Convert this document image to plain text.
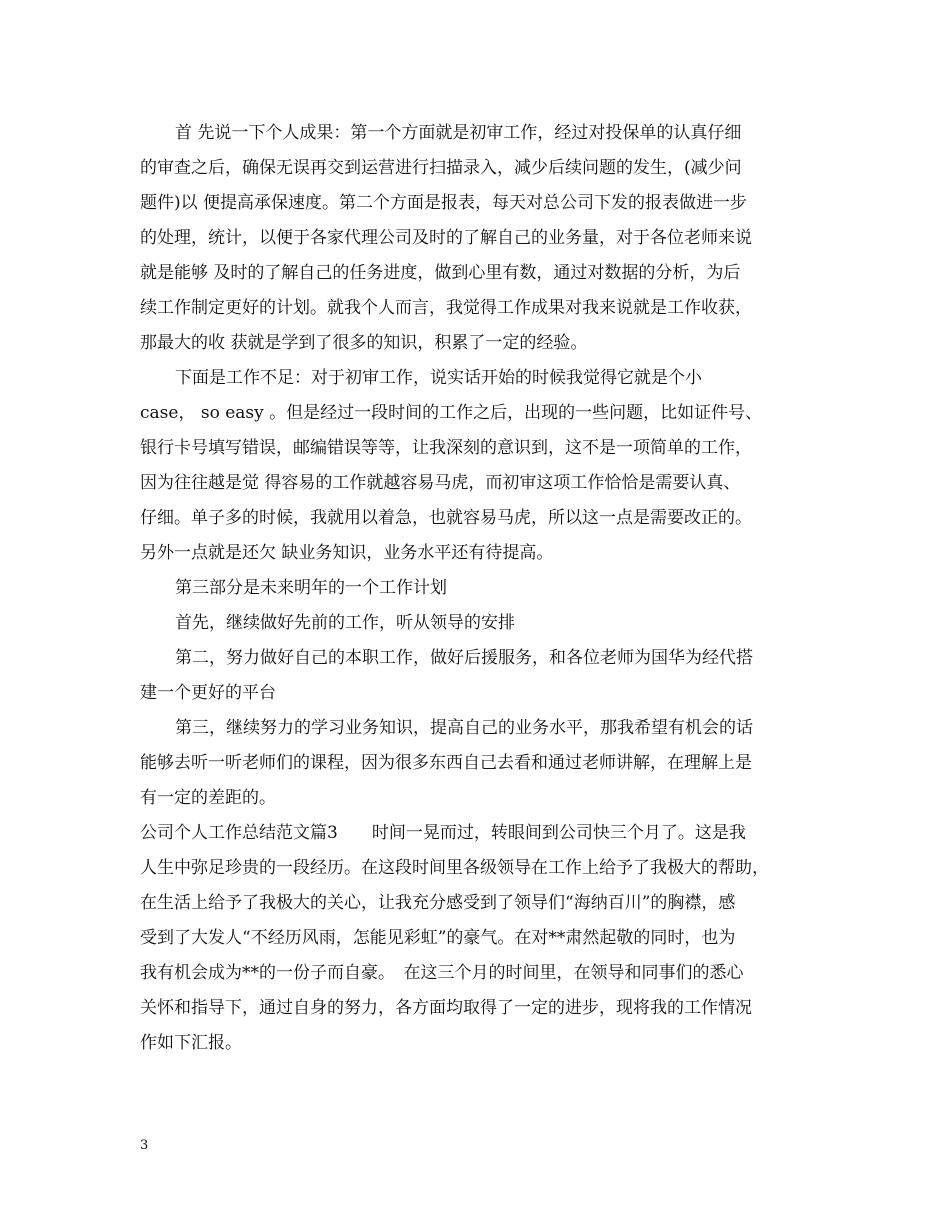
首 先说一下个人成果：第一个方面就是初审工作，经过对投保单的认真仔细
的审查之后，确保无误再交到运营进行扫描录入，减少后续问题的发生，(减少问
题件)以 便提高承保速度。第二个方面是报表，每天对总公司下发的报表做进一步
的处理，统计，以便于各家代理公司及时的了解自己的业务量，对于各位老师来说
就是能够 及时的了解自己的任务进度，做到心里有数，通过对数据的分析，为后
续工作制定更好的计划。就我个人而言，我觉得工作成果对我来说就是工作收获，
那最大的收 获就是学到了很多的知识，积累了一定的经验。
下面是工作不足：对于初审工作，说实话开始的时候我觉得它就是个小
case， so easy 。但是经过一段时间的工作之后，出现的一些问题，比如证件号、
银行卡号填写错误，邮编错误等等，让我深刻的意识到，这不是一项简单的工作，
因为往往越是觉 得容易的工作就越容易马虎，而初审这项工作恰恰是需要认真、
仔细。单子多的时候，我就用以着急，也就容易马虎，所以这一点是需要改正的。
另外一点就是还欠 缺业务知识，业务水平还有待提高。
第三部分是未来明年的一个工作计划
首先，继续做好先前的工作，听从领导的安排
第二，努力做好自己的本职工作，做好后援服务，和各位老师为国华为经代搭
建一个更好的平台
第三，继续努力的学习业务知识，提高自己的业务水平，那我希望有机会的话
能够去听一听老师们的课程，因为很多东西自己去看和通过老师讲解，在理解上是
有一定的差距的。
公司个人工作总结范文篇3　　时间一晃而过，转眼间到公司快三个月了。这是我
人生中弥足珍贵的一段经历。在这段时间里各级领导在工作上给予了我极大的帮助，
在生活上给予了我极大的关心，让我充分感受到了领导们“海纳百川”的胸襟，感
受到了大发人“不经历风雨，怎能见彩虹”的豪气。在对**肃然起敬的同时，也为
我有机会成为**的一份子而自豪。　在这三个月的时间里，在领导和同事们的悉心
关怀和指导下，通过自身的努力，各方面均取得了一定的进步，现将我的工作情况
作如下汇报。
3
